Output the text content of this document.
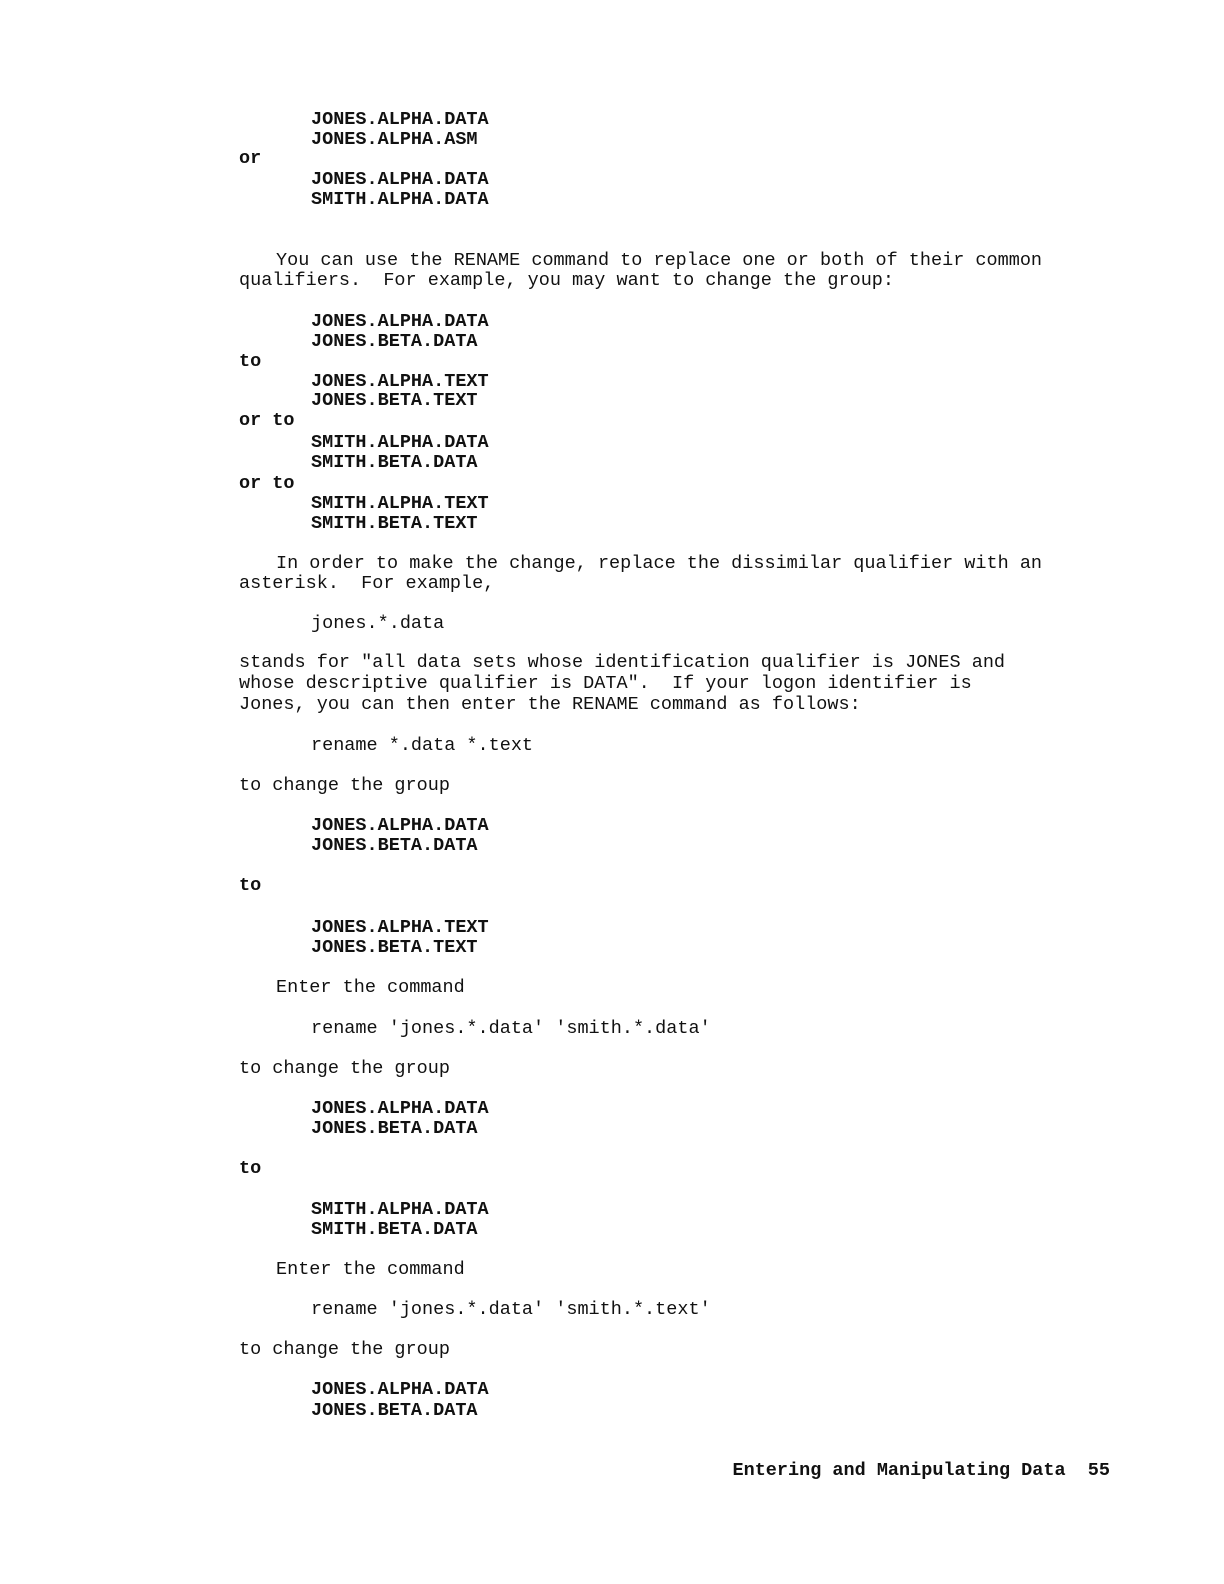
JONES.ALPHA.DATA
JONES.ALPHA.ASM
or
JONES.ALPHA.DATA
SMITH.ALPHA.DATA
You can use the RENAME command to replace one or both of their common
qualifiers.  For example, you may want to change the group:
JONES.ALPHA.DATA
JONES.BETA.DATA
to
JONES.ALPHA.TEXT
JONES.BETA.TEXT
or to
SMITH.ALPHA.DATA
SMITH.BETA.DATA
or to
SMITH.ALPHA.TEXT
SMITH.BETA.TEXT
In order to make the change, replace the dissimilar qualifier with an
asterisk.  For example,
jones.*.data
stands for "all data sets whose identification qualifier is JONES and
whose descriptive qualifier is DATA".  If your logon identifier is
Jones, you can then enter the RENAME command as follows:
rename *.data *.text
to change the group
JONES.ALPHA.DATA
JONES.BETA.DATA
to
JONES.ALPHA.TEXT
JONES.BETA.TEXT
Enter the command
rename 'jones.*.data' 'smith.*.data'
to change the group
JONES.ALPHA.DATA
JONES.BETA.DATA
to
SMITH.ALPHA.DATA
SMITH.BETA.DATA
Enter the command
rename 'jones.*.data' 'smith.*.text'
to change the group
JONES.ALPHA.DATA
JONES.BETA.DATA
Entering and Manipulating Data 55
